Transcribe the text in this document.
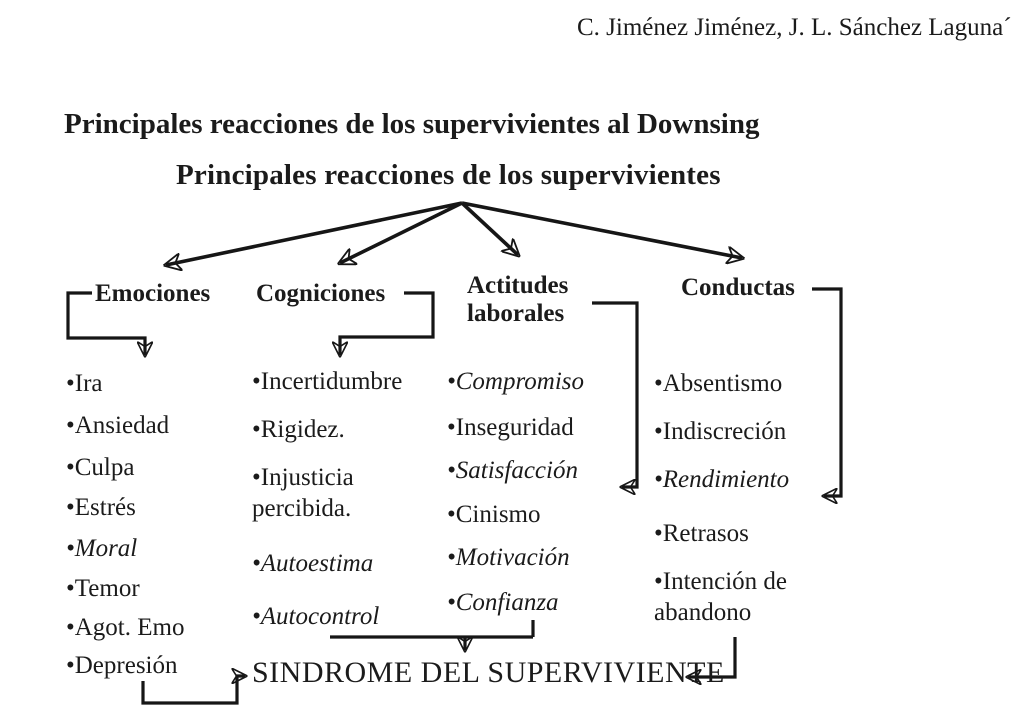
C. Jiménez Jiménez, J. L. Sánchez Laguna´
Principales reacciones de los supervivientes al Downsing
Principales reacciones de los supervivientes
Emociones Cogniciones	Actitudes laborales
Conductas
•Ira
•Ansiedad
•Culpa
•Estrés
•Moral
•Temor
•Agot. Emo
•Depresión
•Incertidumbre
•Rigidez.
•Injusticia percibida.
•Autoestima
•Autocontrol
•Compromiso
•Inseguridad
•Satisfacción
•Cinismo
•Motivación
•Confianza
•Absentismo
•Indiscreción
•Rendimiento
•Retrasos
•Intención de abandono
SINDROME DEL SUPERVIVIENTE
